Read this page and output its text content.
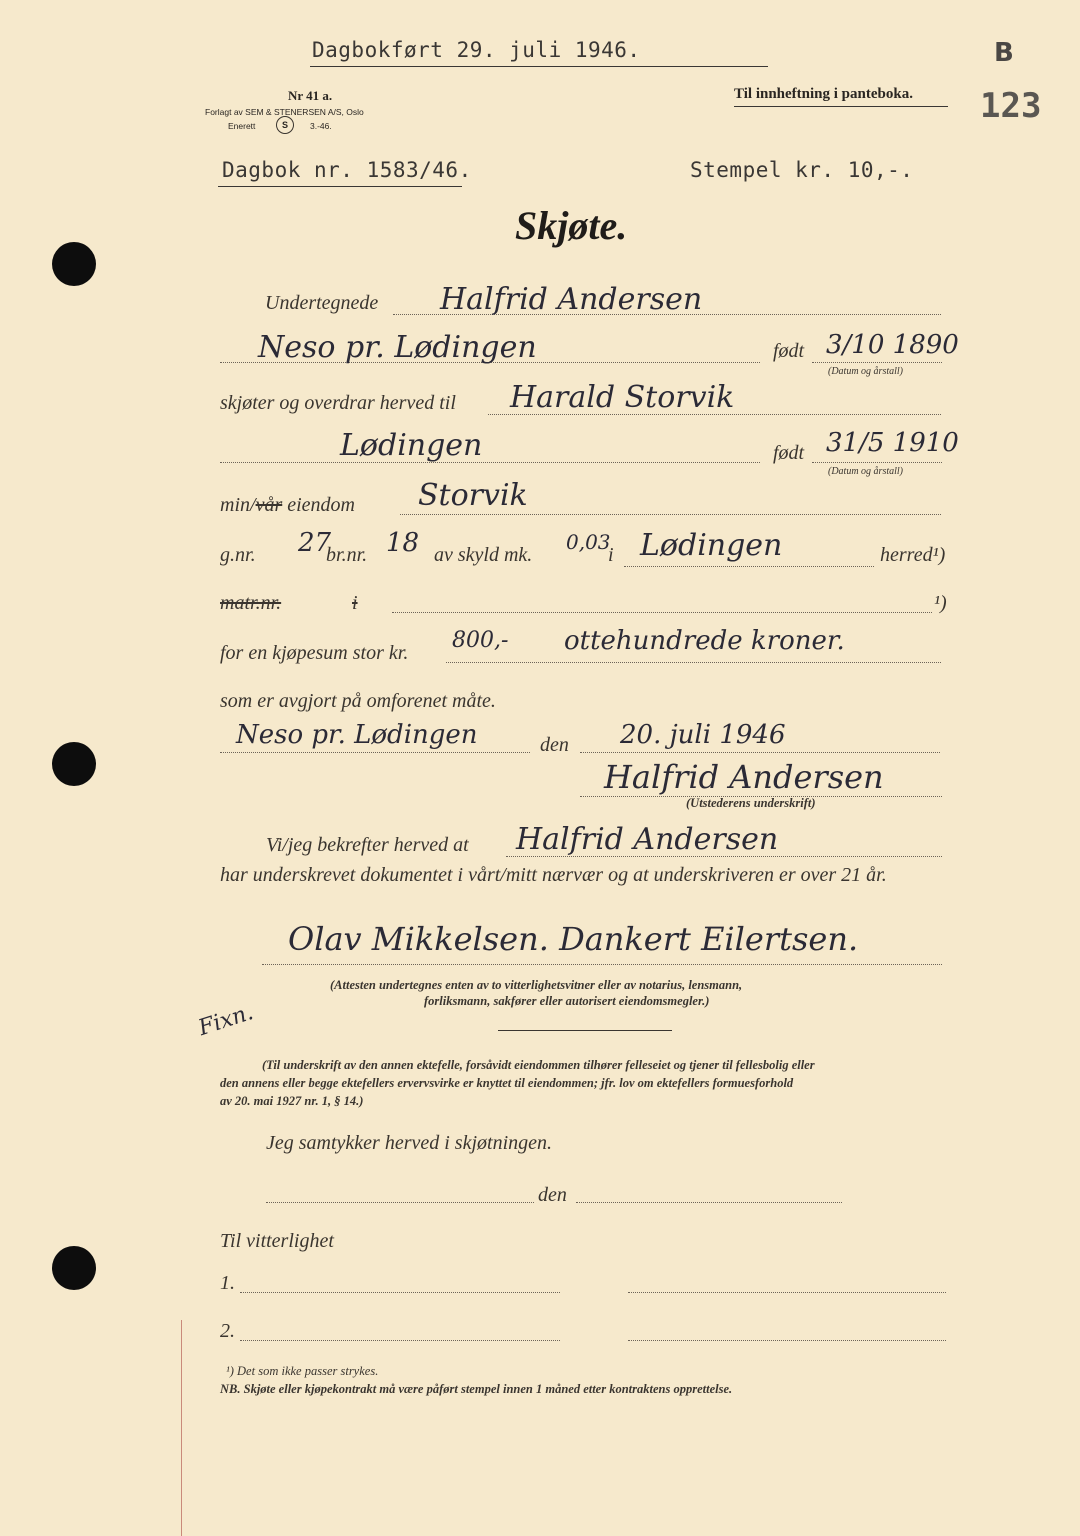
Dagbokført 29. juli 1946.	B
123
Nr 41 a.
Forlagt av SEM & STENERSEN A/S, Oslo
Enerett	S	3.-46.
Til innheftning i panteboka.
Dagbok nr. 1583/46.	Stempel kr. 10,-.
Skjøte.
Undertegnede Halfrid Andersen
Neso pr. Lødingen	født 3/10 1890
(Datum og årstall)
skjøter og overdrar herved til Harald Storvik
Lødingen	født 31/5 1910
(Datum og årstall)
min/vår eiendom Storvik
g.nr. 27
br.nr. 18 av skyld mk.
0,03
i Lødingen	herred¹)
matr.nr.	i	¹)
for en kjøpesum stor kr. 800,- ottehundrede kroner.
som er avgjort på omforenet måte.
Neso pr. Lødingen	den 20. juli 1946
Halfrid Andersen
(Utstederens underskrift)
Vi/jeg bekrefter herved at Halfrid Andersen
har underskrevet dokumentet i vårt/mitt nærvær og at underskriveren er over 21 år.
Olav Mikkelsen. Dankert Eilertsen.
(Attesten undertegnes enten av to vitterlighetsvitner eller av notarius, lensmann,
forliksmann, sakfører eller autorisert eiendomsmegler.)
Fixn.
(Til underskrift av den annen ektefelle, forsåvidt eiendommen tilhører felleseiet og tjener til fellesbolig eller
den annens eller begge ektefellers ervervsvirke er knyttet til eiendommen; jfr. lov om ektefellers formuesforhold
av 20. mai 1927 nr. 1, § 14.)
Jeg samtykker herved i skjøtningen.
den
Til vitterlighet
1.
2.
¹) Det som ikke passer strykes.
NB. Skjøte eller kjøpekontrakt må være påført stempel innen 1 måned etter kontraktens opprettelse.
